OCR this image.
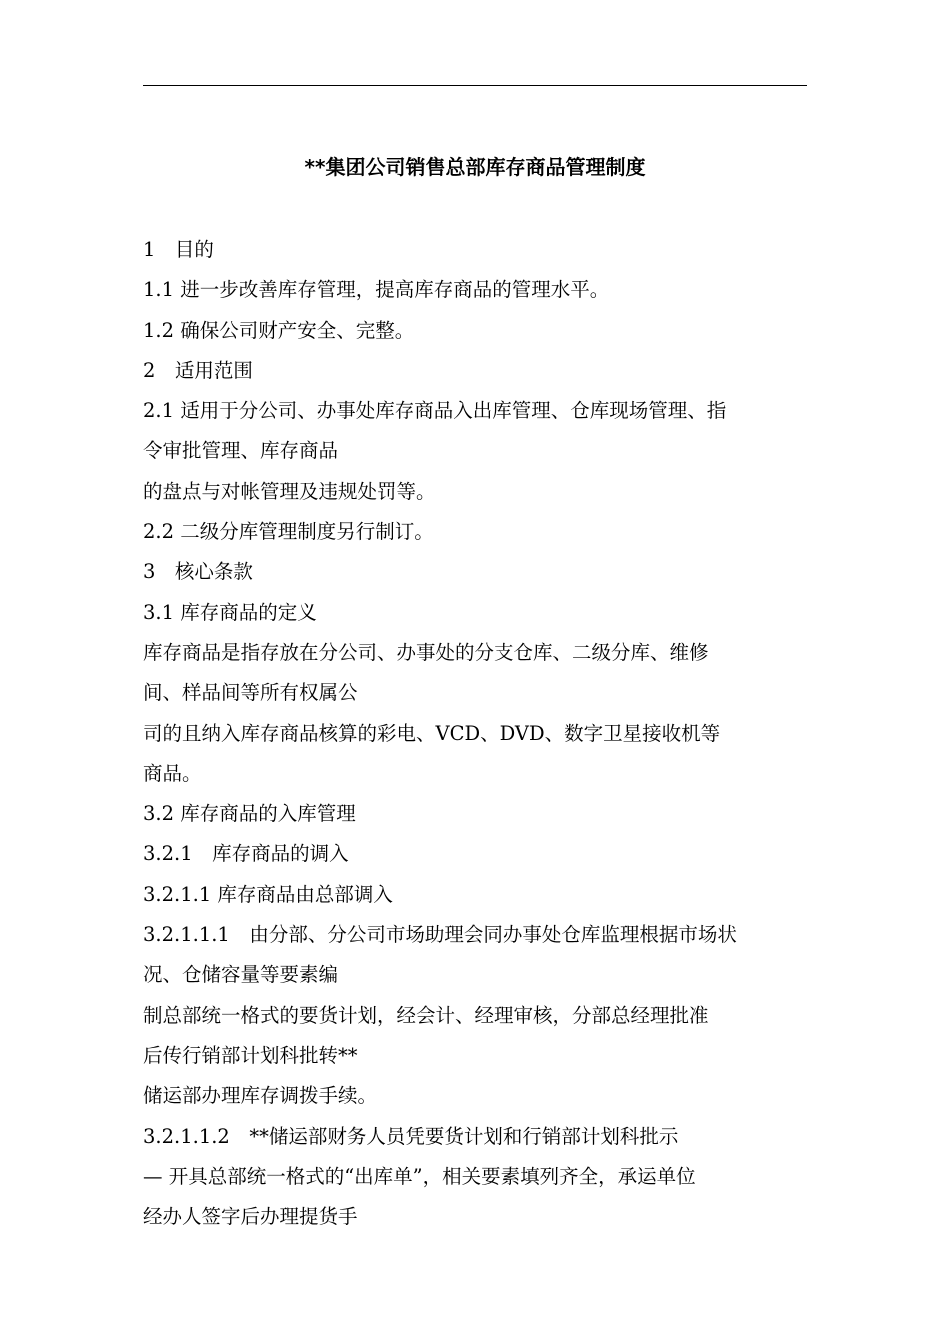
**集团公司销售总部库存商品管理制度
1　目的
1.1 进一步改善库存管理，提高库存商品的管理水平。
1.2 确保公司财产安全、完整。
2　适用范围
2.1 适用于分公司、办事处库存商品入出库管理、仓库现场管理、指
令审批管理、库存商品
的盘点与对帐管理及违规处罚等。
2.2 二级分库管理制度另行制订。
3　核心条款
3.1 库存商品的定义
库存商品是指存放在分公司、办事处的分支仓库、二级分库、维修
间、样品间等所有权属公
司的且纳入库存商品核算的彩电、VCD、DVD、数字卫星接收机等
商品。
3.2 库存商品的入库管理
3.2.1　库存商品的调入
3.2.1.1 库存商品由总部调入
3.2.1.1.1　由分部、分公司市场助理会同办事处仓库监理根据市场状
况、仓储容量等要素编
制总部统一格式的要货计划，经会计、经理审核，分部总经理批准
后传行销部计划科批转**
储运部办理库存调拨手续。
3.2.1.1.2　**储运部财务人员凭要货计划和行销部计划科批示
— 开具总部统一格式的“出库单”，相关要素填列齐全，承运单位
经办人签字后办理提货手
